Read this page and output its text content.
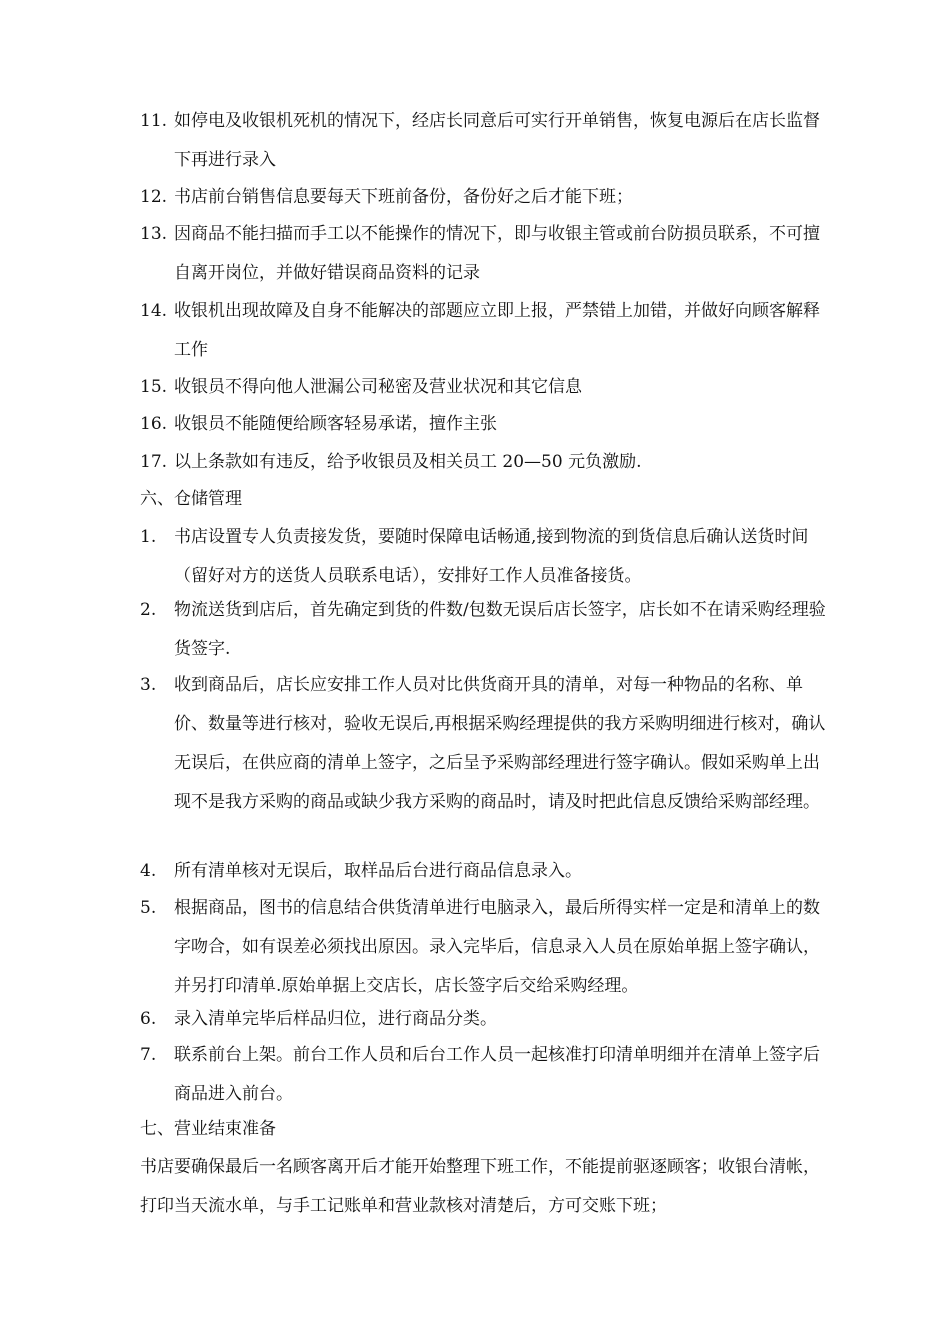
11. 如停电及收银机死机的情况下，经店长同意后可实行开单销售，恢复电源后在店长监督下再进行录入
12. 书店前台销售信息要每天下班前备份，备份好之后才能下班；
13. 因商品不能扫描而手工以不能操作的情况下，即与收银主管或前台防损员联系，不可擅自离开岗位，并做好错误商品资料的记录
14. 收银机出现故障及自身不能解决的部题应立即上报，严禁错上加错，并做好向顾客解释工作
15. 收银员不得向他人泄漏公司秘密及营业状况和其它信息
16. 收银员不能随便给顾客轻易承诺，擅作主张
17. 以上条款如有违反，给予收银员及相关员工 20—50 元负激励.
六、仓储管理
1. 书店设置专人负责接发货，要随时保障电话畅通,接到物流的到货信息后确认送货时间（留好对方的送货人员联系电话），安排好工作人员准备接货。
2. 物流送货到店后，首先确定到货的件数/包数无误后店长签字，店长如不在请采购经理验货签字.
3. 收到商品后，店长应安排工作人员对比供货商开具的清单，对每一种物品的名称、单价、数量等进行核对，验收无误后,再根据采购经理提供的我方采购明细进行核对，确认无误后，在供应商的清单上签字，之后呈予采购部经理进行签字确认。假如采购单上出现不是我方采购的商品或缺少我方采购的商品时，请及时把此信息反馈给采购部经理。
4. 所有清单核对无误后，取样品后台进行商品信息录入。
5. 根据商品，图书的信息结合供货清单进行电脑录入，最后所得实样一定是和清单上的数字吻合，如有误差必须找出原因。录入完毕后，信息录入人员在原始单据上签字确认，并另打印清单.原始单据上交店长，店长签字后交给采购经理。
6. 录入清单完毕后样品归位，进行商品分类。
7. 联系前台上架。前台工作人员和后台工作人员一起核准打印清单明细并在清单上签字后商品进入前台。
七、营业结束准备
书店要确保最后一名顾客离开后才能开始整理下班工作，不能提前驱逐顾客；收银台清帐，打印当天流水单，与手工记账单和营业款核对清楚后，方可交账下班；
